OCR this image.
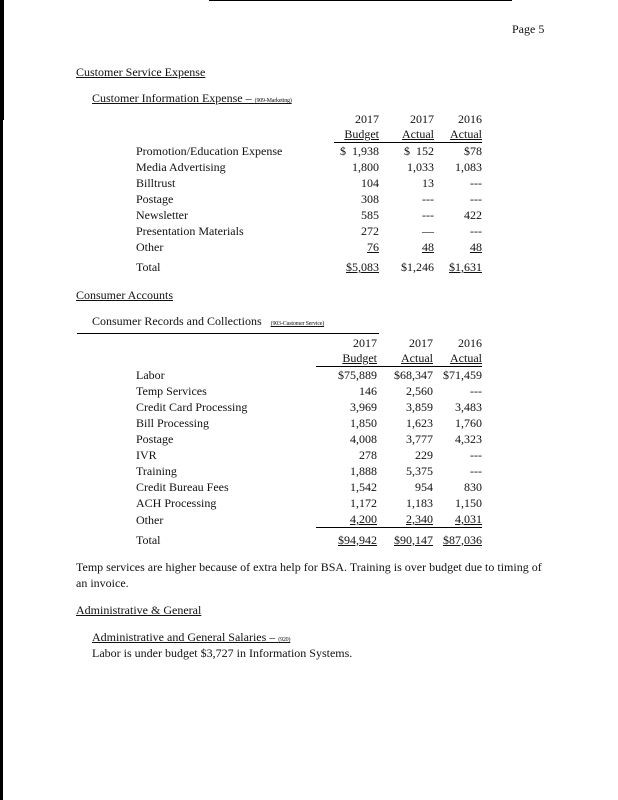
Page 5
Customer Service Expense
Customer Information Expense – (909-Marketing)
	2017	2017	2016
	Budget	Actual	Actual
Promotion/Education Expense	$  1,938	$  152	$78
Media Advertising	1,800	1,033	1,083
Billtrust	104	13	---
Postage	308	---	---
Newsletter	585	---	422
Presentation Materials	272	—	---
Other	76	48	48
Total	$5,083	$1,246	$1,631
Consumer Accounts
Consumer Records and Collections (903-Customer Service)
	2017	2017	2016
	Budget	Actual	Actual
Labor	$75,889	$68,347	$71,459
Temp Services	146	2,560	---
Credit Card Processing	3,969	3,859	3,483
Bill Processing	1,850	1,623	1,760
Postage	4,008	3,777	4,323
IVR	278	229	---
Training	1,888	5,375	---
Credit Bureau Fees	1,542	954	830
ACH Processing	1,172	1,183	1,150
Other	4,200	2,340	4,031
Total	$94,942	$90,147	$87,036
Temp services are higher because of extra help for BSA. Training is over budget due to timing of an invoice.
Administrative & General
Administrative and General Salaries – (920)
Labor is under budget $3,727 in Information Systems.
